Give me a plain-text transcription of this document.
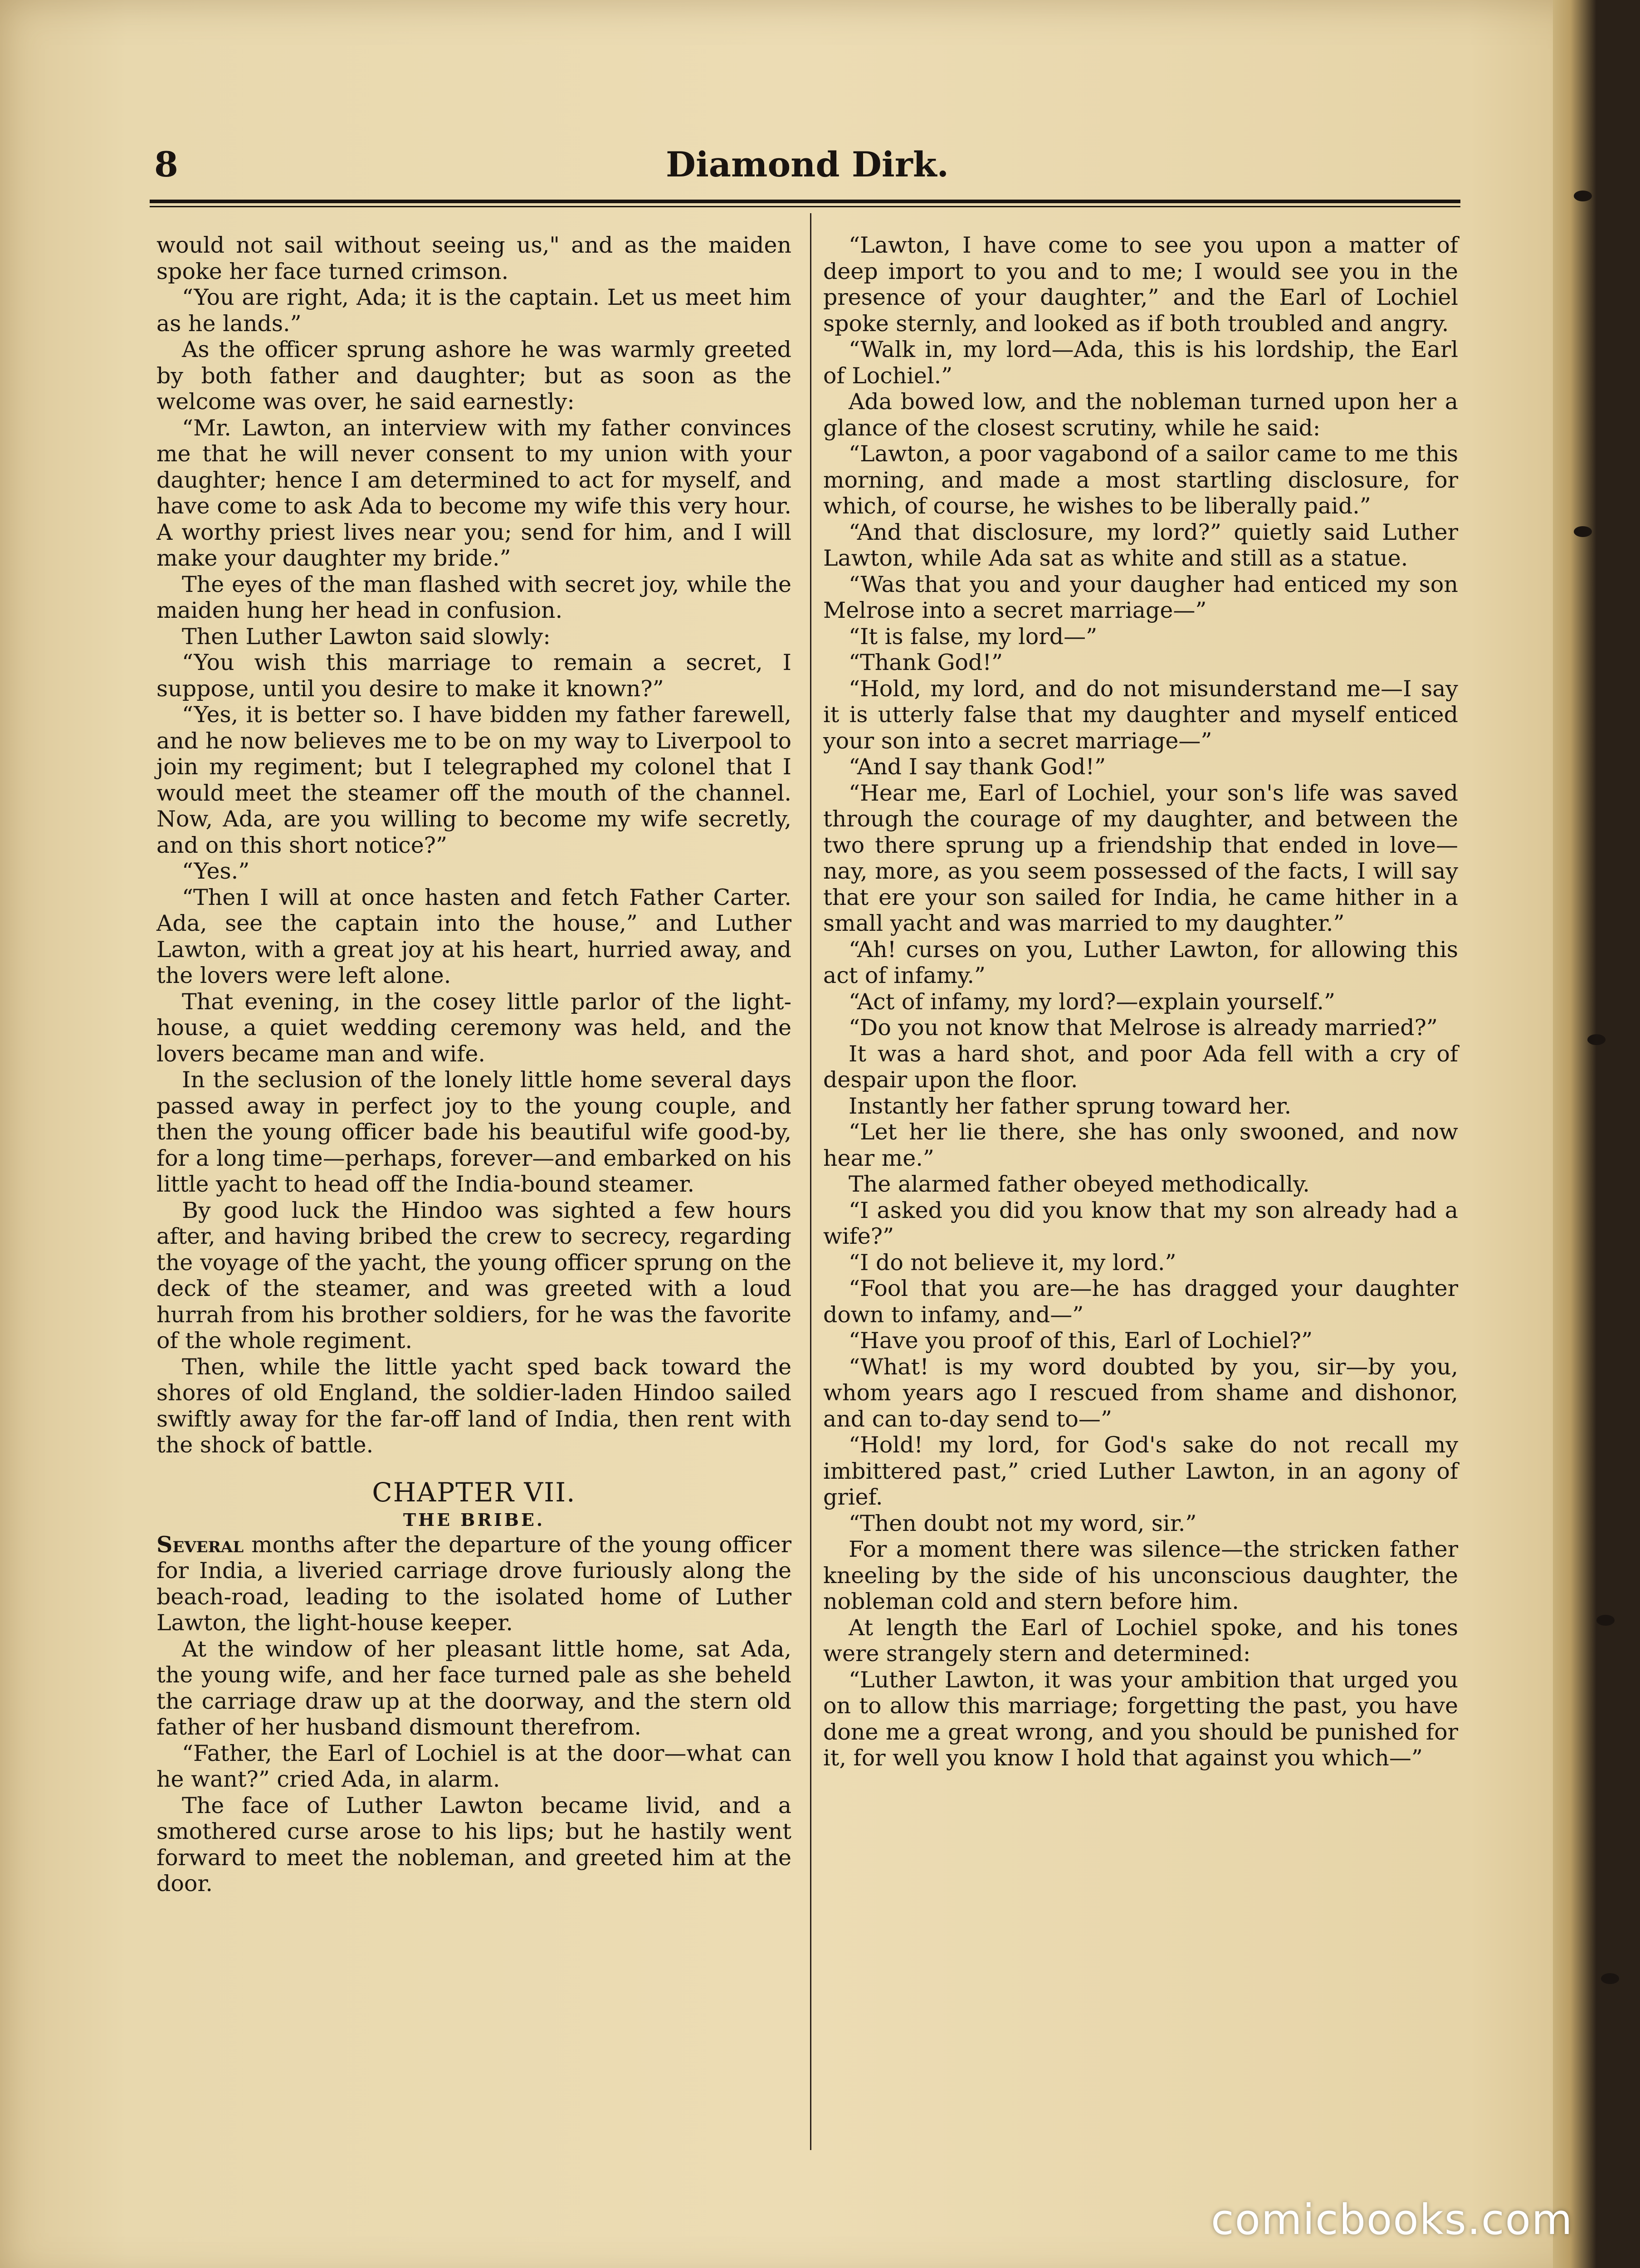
8	Diamond Dirk.

would not sail without seeing us," and as the maiden spoke her face turned crimson.

“You are right, Ada; it is the captain. Let us meet him as he lands.”

As the officer sprung ashore he was warmly greeted by both father and daughter; but as soon as the welcome was over, he said earnestly:

“Mr. Lawton, an interview with my father convinces me that he will never consent to my union with your daughter; hence I am determined to act for myself, and have come to ask Ada to become my wife this very hour. A worthy priest lives near you; send for him, and I will make your daughter my bride.”

The eyes of the man flashed with secret joy, while the maiden hung her head in confusion.

Then Luther Lawton said slowly:

“You wish this marriage to remain a secret, I suppose, until you desire to make it known?”

“Yes, it is better so. I have bidden my father farewell, and he now believes me to be on my way to Liverpool to join my regiment; but I telegraphed my colonel that I would meet the steamer off the mouth of the channel. Now, Ada, are you willing to become my wife secretly, and on this short notice?”

“Yes.”

“Then I will at once hasten and fetch Father Carter. Ada, see the captain into the house,” and Luther Lawton, with a great joy at his heart, hurried away, and the lovers were left alone.

That evening, in the cosey little parlor of the light-house, a quiet wedding ceremony was held, and the lovers became man and wife.

In the seclusion of the lonely little home several days passed away in perfect joy to the young couple, and then the young officer bade his beautiful wife good-by, for a long time—perhaps, forever—and embarked on his little yacht to head off the India-bound steamer.

By good luck the Hindoo was sighted a few hours after, and having bribed the crew to secrecy, regarding the voyage of the yacht, the young officer sprung on the deck of the steamer, and was greeted with a loud hurrah from his brother soldiers, for he was the favorite of the whole regiment.

Then, while the little yacht sped back toward the shores of old England, the soldier-laden Hindoo sailed swiftly away for the far-off land of India, then rent with the shock of battle.

CHAPTER VII.
THE BRIBE.

Several months after the departure of the young officer for India, a liveried carriage drove furiously along the beach-road, leading to the isolated home of Luther Lawton, the light-house keeper.

At the window of her pleasant little home, sat Ada, the young wife, and her face turned pale as she beheld the carriage draw up at the doorway, and the stern old father of her husband dismount therefrom.

“Father, the Earl of Lochiel is at the door—what can he want?” cried Ada, in alarm.

The face of Luther Lawton became livid, and a smothered curse arose to his lips; but he hastily went forward to meet the nobleman, and greeted him at the door.

“Lawton, I have come to see you upon a matter of deep import to you and to me; I would see you in the presence of your daughter,” and the Earl of Lochiel spoke sternly, and looked as if both troubled and angry.

“Walk in, my lord—Ada, this is his lordship, the Earl of Lochiel.”

Ada bowed low, and the nobleman turned upon her a glance of the closest scrutiny, while he said:

“Lawton, a poor vagabond of a sailor came to me this morning, and made a most startling disclosure, for which, of course, he wishes to be liberally paid.”

“And that disclosure, my lord?” quietly said Luther Lawton, while Ada sat as white and still as a statue.

“Was that you and your daugher had enticed my son Melrose into a secret marriage—”

“It is false, my lord—”

“Thank God!”

“Hold, my lord, and do not misunderstand me—I say it is utterly false that my daughter and myself enticed your son into a secret marriage—”

“And I say thank God!”

“Hear me, Earl of Lochiel, your son's life was saved through the courage of my daughter, and between the two there sprung up a friendship that ended in love—nay, more, as you seem possessed of the facts, I will say that ere your son sailed for India, he came hither in a small yacht and was married to my daughter.”

“Ah! curses on you, Luther Lawton, for allowing this act of infamy.”

“Act of infamy, my lord?—explain yourself.”

“Do you not know that Melrose is already married?”

It was a hard shot, and poor Ada fell with a cry of despair upon the floor.

Instantly her father sprung toward her.

“Let her lie there, she has only swooned, and now hear me.”

The alarmed father obeyed methodically.

“I asked you did you know that my son already had a wife?”

“I do not believe it, my lord.”

“Fool that you are—he has dragged your daughter down to infamy, and—”

“Have you proof of this, Earl of Lochiel?”

“What! is my word doubted by you, sir—by you, whom years ago I rescued from shame and dishonor, and can to-day send to—”

“Hold! my lord, for God's sake do not recall my imbittered past,” cried Luther Lawton, in an agony of grief.

“Then doubt not my word, sir.”

For a moment there was silence—the stricken father kneeling by the side of his unconscious daughter, the nobleman cold and stern before him.

At length the Earl of Lochiel spoke, and his tones were strangely stern and determined:

“Luther Lawton, it was your ambition that urged you on to allow this marriage; forgetting the past, you have done me a great wrong, and you should be punished for it, for well you know I hold that against you which—”

comicbooks.com
